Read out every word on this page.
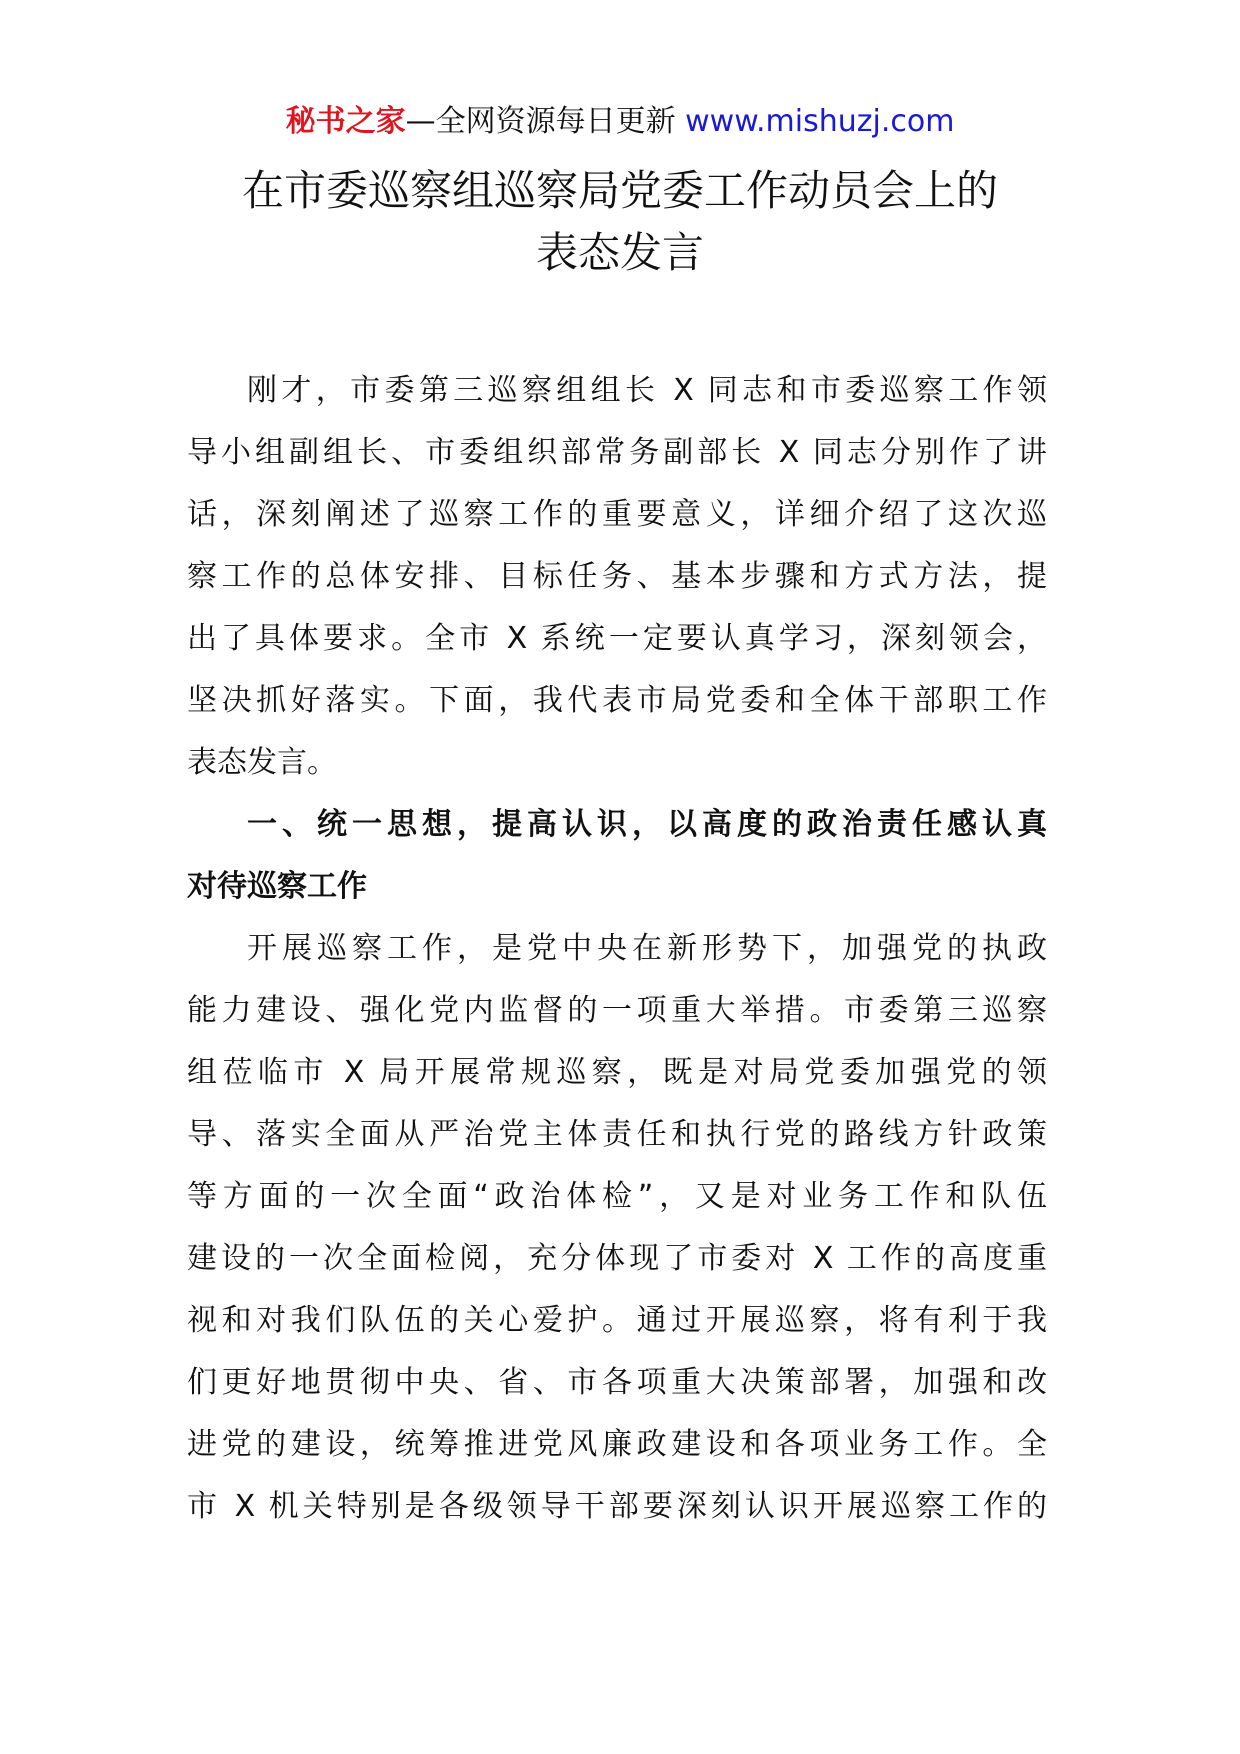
秘书之家—全网资源每日更新 www.mishuzj.com
在市委巡察组巡察局党委工作动员会上的
表态发言
刚才，市委第三巡察组组长 X 同志和市委巡察工作领
导小组副组长、市委组织部常务副部长 X 同志分别作了讲
话，深刻阐述了巡察工作的重要意义，详细介绍了这次巡
察工作的总体安排、目标任务、基本步骤和方式方法，提
出了具体要求。全市 X 系统一定要认真学习，深刻领会，
坚决抓好落实。下面，我代表市局党委和全体干部职工作
表态发言。
一、统一思想，提高认识，以高度的政治责任感认真
对待巡察工作
开展巡察工作，是党中央在新形势下，加强党的执政
能力建设、强化党内监督的一项重大举措。市委第三巡察
组莅临市 X 局开展常规巡察，既是对局党委加强党的领
导、落实全面从严治党主体责任和执行党的路线方针政策
等方面的一次全面“政治体检”，又是对业务工作和队伍
建设的一次全面检阅，充分体现了市委对 X 工作的高度重
视和对我们队伍的关心爱护。通过开展巡察，将有利于我
们更好地贯彻中央、省、市各项重大决策部署，加强和改
进党的建设，统筹推进党风廉政建设和各项业务工作。全
市 X 机关特别是各级领导干部要深刻认识开展巡察工作的
